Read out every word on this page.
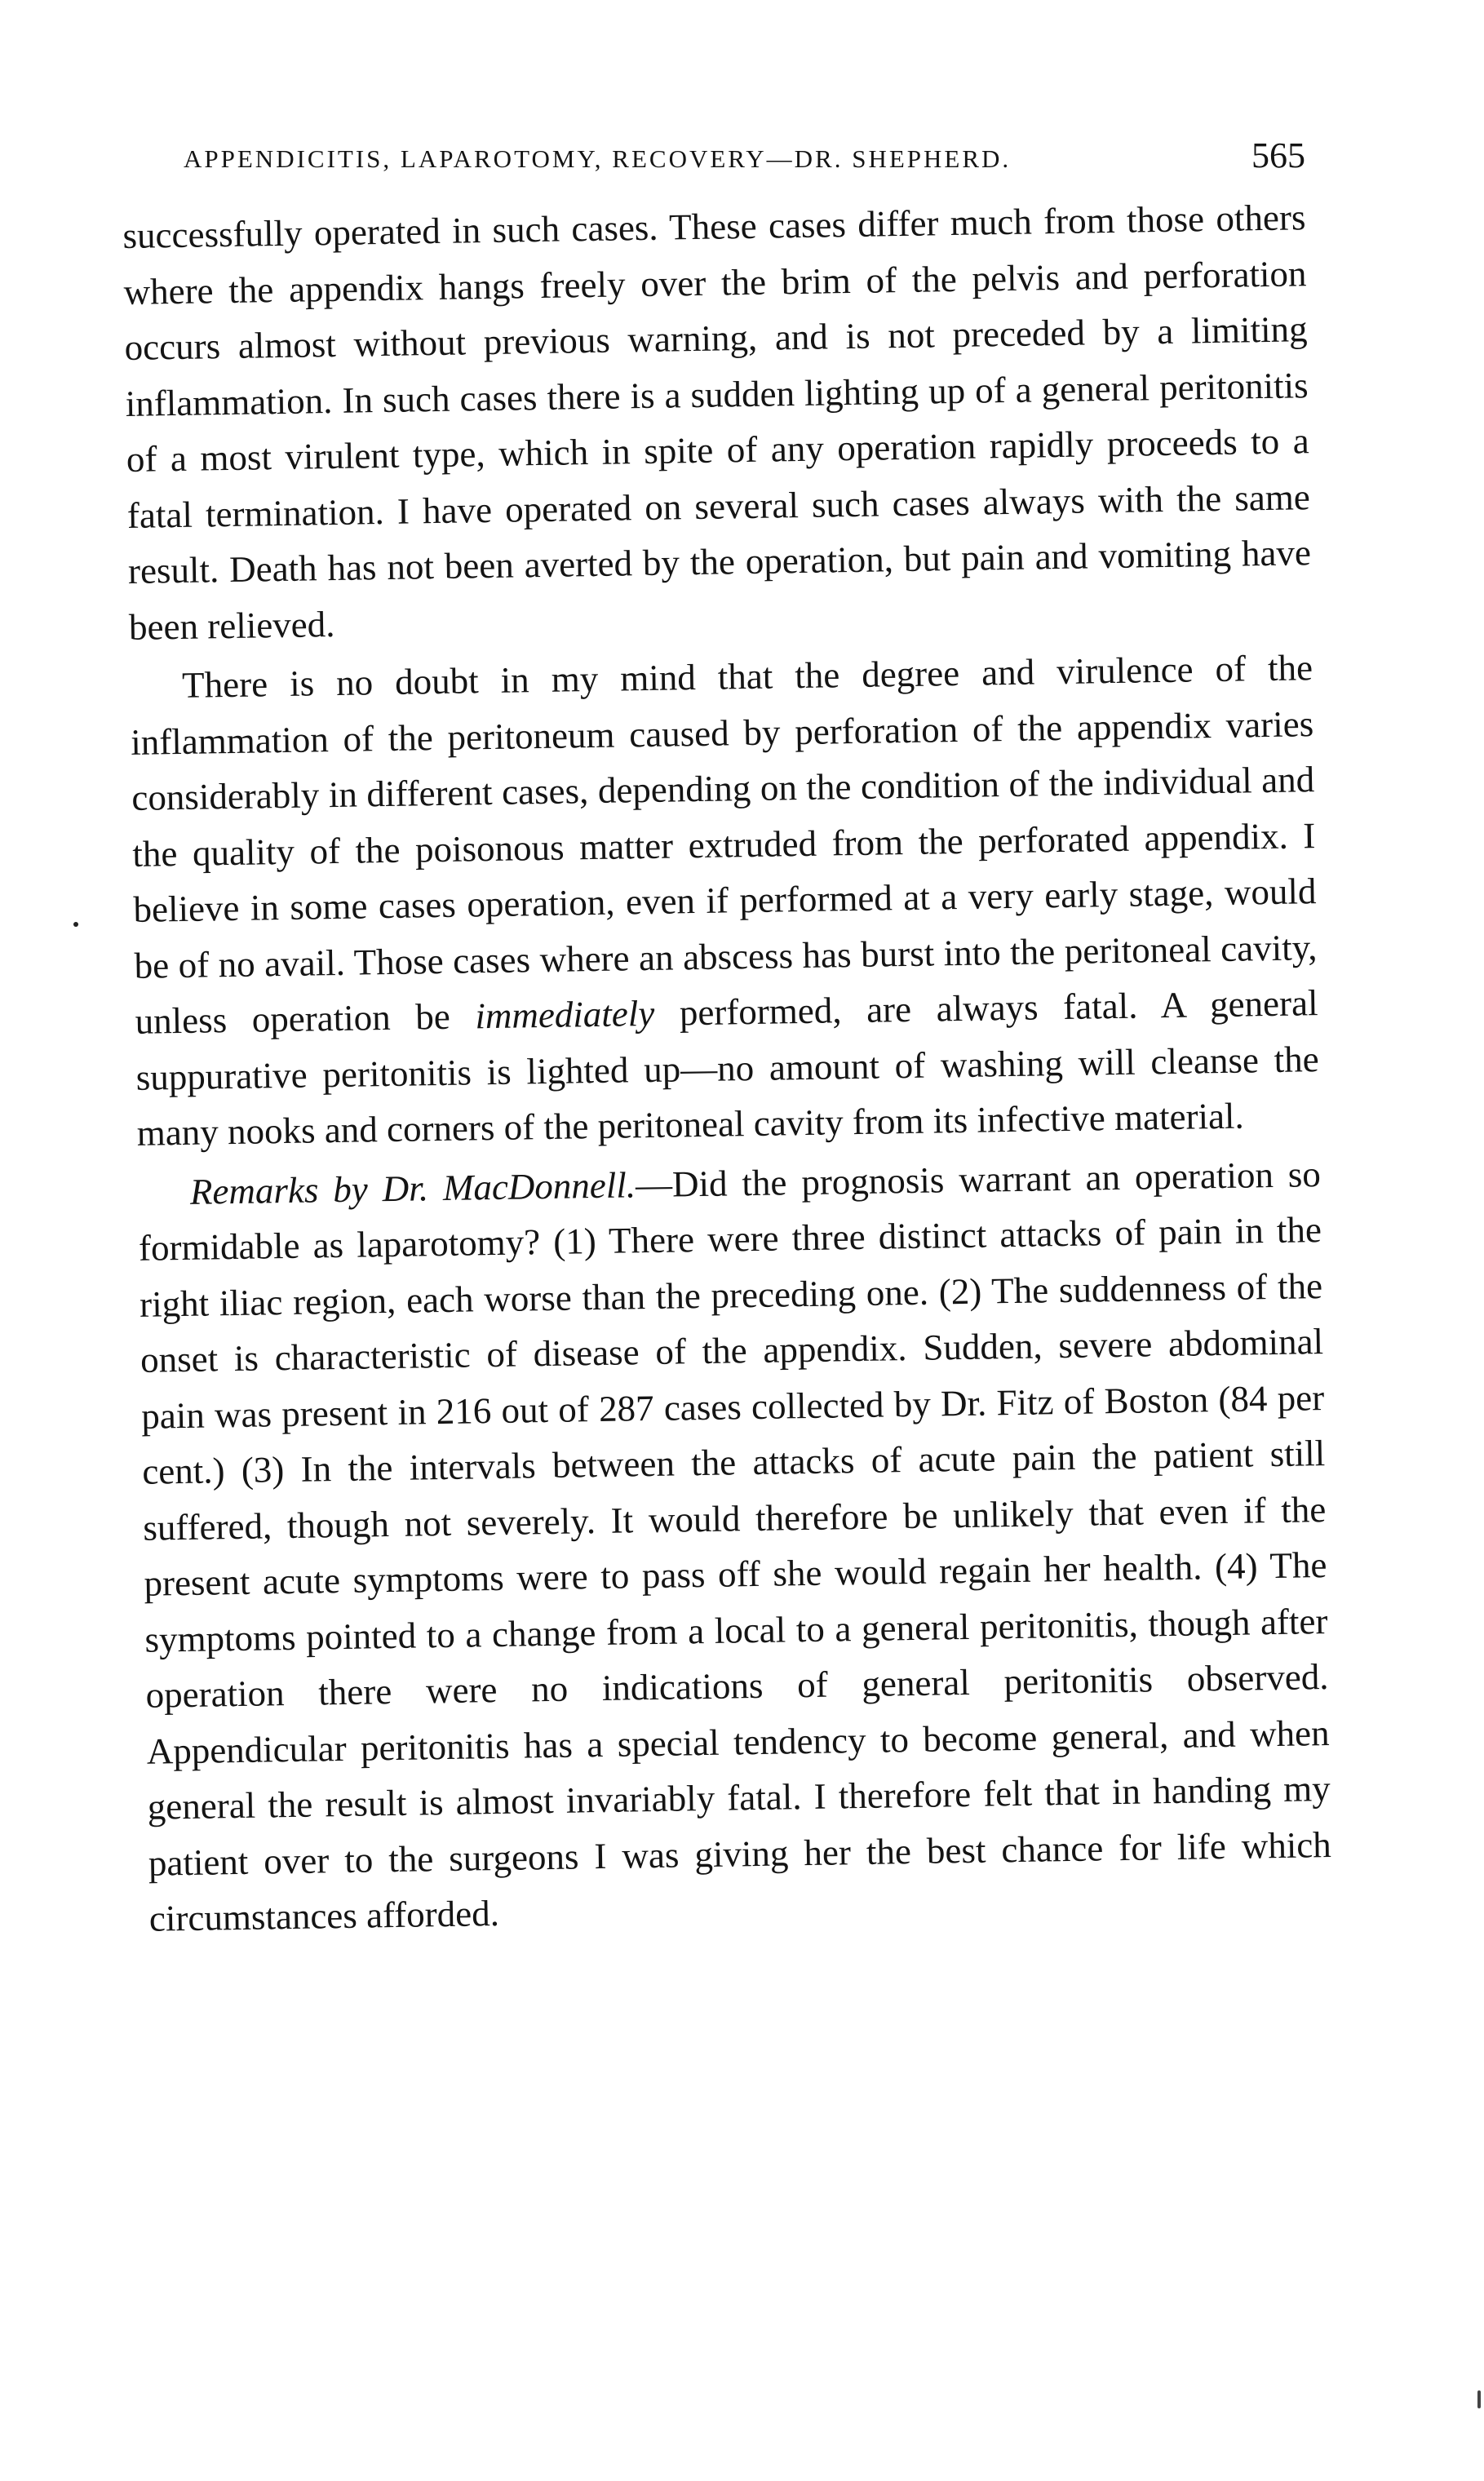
APPENDICITIS, LAPAROTOMY, RECOVERY—DR. SHEPHERD.	565

successfully operated in such cases. These cases differ much from those others where the appendix hangs freely over the brim of the pelvis and perforation occurs almost without previous warning, and is not preceded by a limiting inflammation. In such cases there is a sudden lighting up of a general peritonitis of a most virulent type, which in spite of any operation rapidly proceeds to a fatal termination. I have operated on several such cases always with the same result. Death has not been averted by the operation, but pain and vomiting have been relieved.

There is no doubt in my mind that the degree and virulence of the inflammation of the peritoneum caused by perforation of the appendix varies considerably in different cases, depending on the condition of the individual and the quality of the poisonous matter extruded from the perforated appendix. I believe in some cases operation, even if performed at a very early stage, would be of no avail. Those cases where an abscess has burst into the peritoneal cavity, unless operation be immediately performed, are always fatal. A general suppurative peritonitis is lighted up—no amount of washing will cleanse the many nooks and corners of the peritoneal cavity from its infective material.

Remarks by Dr. MacDonnell.—Did the prognosis warrant an operation so formidable as laparotomy? (1) There were three distinct attacks of pain in the right iliac region, each worse than the preceding one. (2) The suddenness of the onset is characteristic of disease of the appendix. Sudden, severe abdominal pain was present in 216 out of 287 cases collected by Dr. Fitz of Boston (84 per cent.) (3) In the intervals between the attacks of acute pain the patient still suffered, though not severely. It would therefore be unlikely that even if the present acute symptoms were to pass off she would regain her health. (4) The symptoms pointed to a change from a local to a general peritonitis, though after operation there were no indications of general peritonitis observed. Appendicular peritonitis has a special tendency to become general, and when general the result is almost invariably fatal. I therefore felt that in handing my patient over to the surgeons I was giving her the best chance for life which circumstances afforded.
